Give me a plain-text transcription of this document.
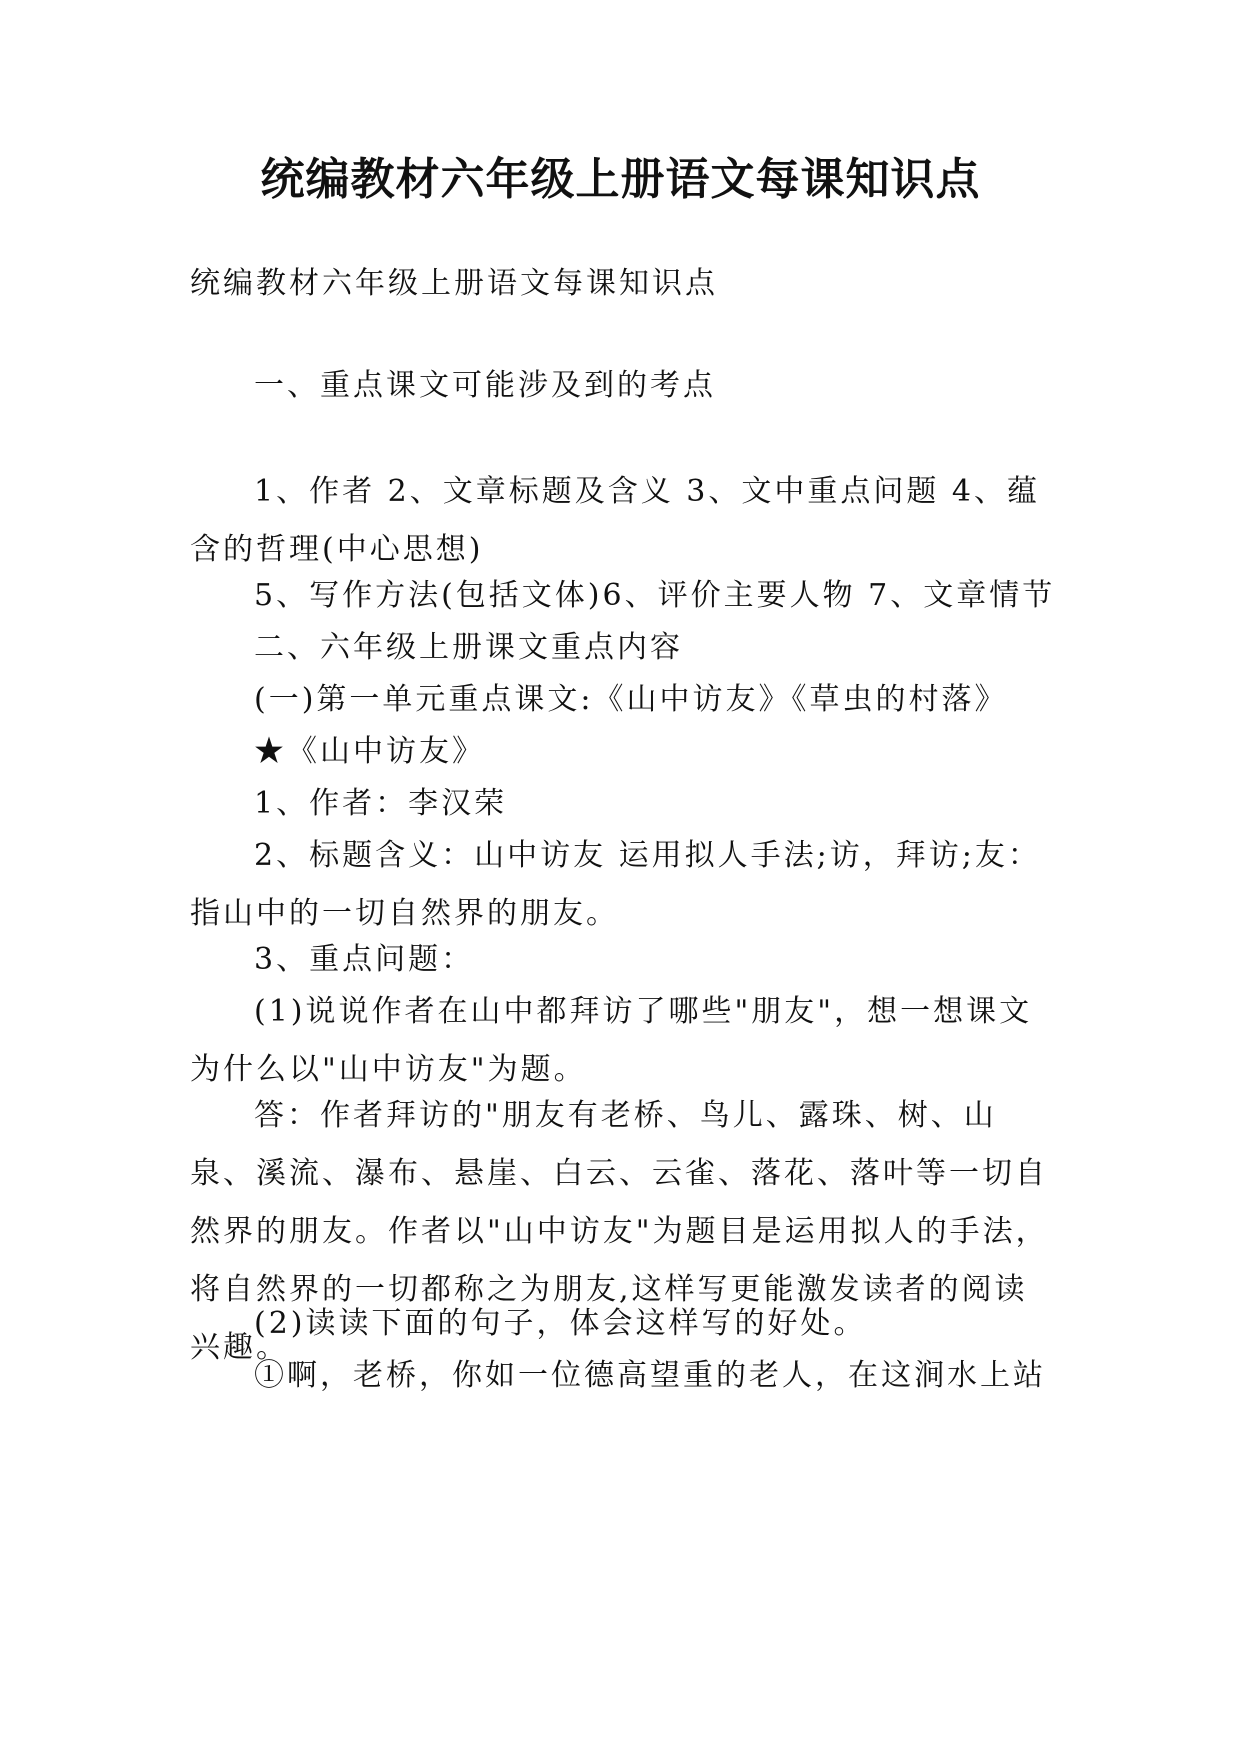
统编教材六年级上册语文每课知识点

统编教材六年级上册语文每课知识点

一、重点课文可能涉及到的考点

1、作者 2、文章标题及含义 3、文中重点问题 4、蕴含的哲理(中心思想)

5、写作方法(包括文体)6、评价主要人物 7、文章情节

二、六年级上册课文重点内容

(一)第一单元重点课文:《山中访友》《草虫的村落》

★《山中访友》

1、作者：李汉荣

2、标题含义：山中访友 运用拟人手法;访，拜访;友：指山中的一切自然界的朋友。

3、重点问题：

(1)说说作者在山中都拜访了哪些"朋友"，想一想课文为什么以"山中访友"为题。

答：作者拜访的"朋友有老桥、鸟儿、露珠、树、山泉、溪流、瀑布、悬崖、白云、云雀、落花、落叶等一切自然界的朋友。作者以"山中访友"为题目是运用拟人的手法，将自然界的一切都称之为朋友,这样写更能激发读者的阅读兴趣。

(2)读读下面的句子，体会这样写的好处。

①啊，老桥，你如一位德高望重的老人，在这涧水上站
